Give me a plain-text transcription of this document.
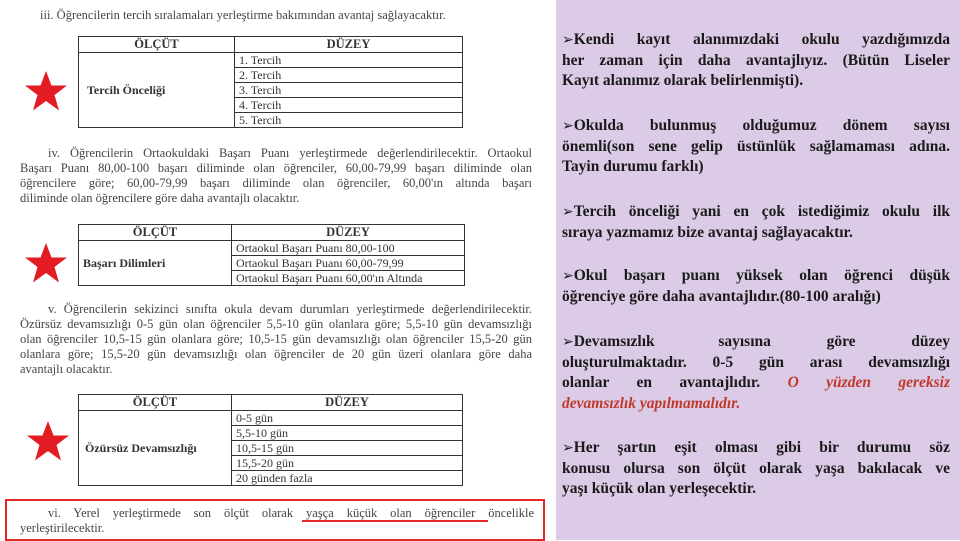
iii. Öğrencilerin tercih sıralamaları yerleştirme bakımından avantaj sağlayacaktır.
ÖLÇÜT	DÜZEY
Tercih Önceliği	1. Tercih
	2. Tercih
	3. Tercih
	4. Tercih
	5. Tercih
iv. Öğrencilerin Ortaokuldaki Başarı Puanı yerleştirmede değerlendirilecektir. Ortaokul
Başarı Puanı 80,00-100 başarı diliminde olan öğrenciler, 60,00-79,99 başarı diliminde olan
öğrencilere göre; 60,00-79,99 başarı diliminde olan öğrenciler, 60,00'ın altında başarı
diliminde olan öğrencilere göre daha avantajlı olacaktır.
ÖLÇÜT	DÜZEY
Başarı Dilimleri	Ortaokul Başarı Puanı 80,00-100
	Ortaokul Başarı Puanı 60,00-79,99
	Ortaokul Başarı Puanı 60,00'ın Altında
v. Öğrencilerin sekizinci sınıfta okula devam durumları yerleştirmede değerlendirilecektir.
Özürsüz devamsızlığı 0-5 gün olan öğrenciler 5,5-10 gün olanlara göre; 5,5-10 gün devamsızlığı
olan öğrenciler 10,5-15 gün olanlara göre; 10,5-15 gün devamsızlığı olan öğrenciler 15,5-20 gün
olanlara göre; 15,5-20 gün devamsızlığı olan öğrenciler de 20 gün üzeri olanlara göre daha
avantajlı olacaktır.
ÖLÇÜT	DÜZEY
Özürsüz Devamsızlığı	0-5 gün
	5,5-10 gün
	10,5-15 gün
	15,5-20 gün
	20 günden fazla
vi. Yerel yerleştirmede son ölçüt olarak yaşça küçük olan öğrenciler öncelikle
yerleştirilecektir.
➢Kendi kayıt alanımızdaki okulu yazdığımızda
her zaman için daha avantajlıyız. (Bütün Liseler
Kayıt alanımız olarak belirlenmişti).
➢Okulda bulunmuş olduğumuz dönem sayısı
önemli(son sene gelip üstünlük sağlamaması adına.
Tayin durumu farklı)
➢Tercih önceliği yani en çok istediğimiz okulu ilk
sıraya yazmamız bize avantaj sağlayacaktır.
➢Okul başarı puanı yüksek olan öğrenci düşük
öğrenciye göre daha avantajlıdır.(80-100 aralığı)
➢Devamsızlık        sayısına       göre       düzey
oluşturulmaktadır. 0-5 gün arası devamsızlığı
olanlar en avantajlıdır. O yüzden gereksiz
devamsızlık yapılmamalıdır.
➢Her şartın eşit olması gibi bir durumu söz
konusu olursa son ölçüt olarak yaşa bakılacak ve
yaşı küçük olan yerleşecektir.
